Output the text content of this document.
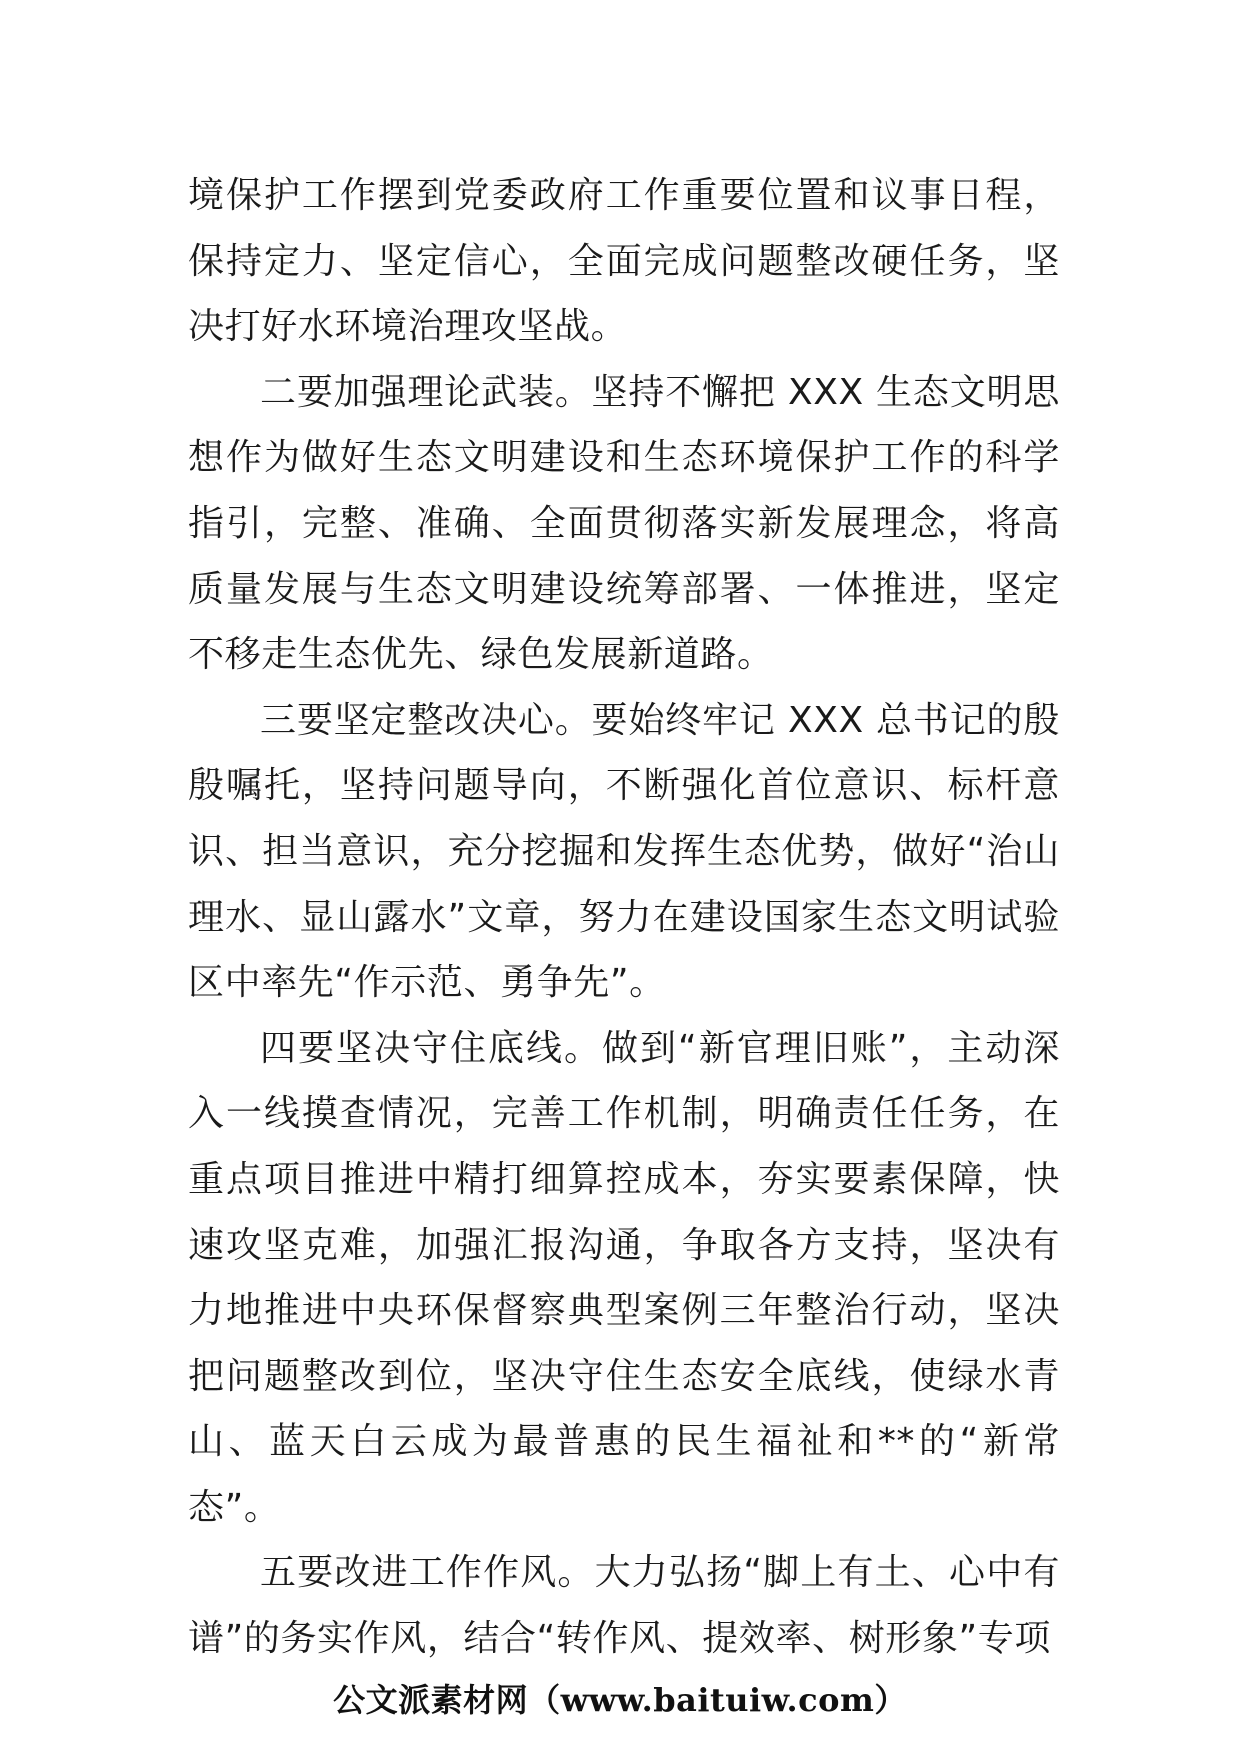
境保护工作摆到党委政府工作重要位置和议事日程，保持定力、坚定信心，全面完成问题整改硬任务，坚决打好水环境治理攻坚战。

二要加强理论武装。坚持不懈把 XXX 生态文明思想作为做好生态文明建设和生态环境保护工作的科学指引，完整、准确、全面贯彻落实新发展理念，将高质量发展与生态文明建设统筹部署、一体推进，坚定不移走生态优先、绿色发展新道路。

三要坚定整改决心。要始终牢记 XXX 总书记的殷殷嘱托，坚持问题导向，不断强化首位意识、标杆意识、担当意识，充分挖掘和发挥生态优势，做好“治山理水、显山露水”文章，努力在建设国家生态文明试验区中率先“作示范、勇争先”。

四要坚决守住底线。做到“新官理旧账”，主动深入一线摸查情况，完善工作机制，明确责任任务，在重点项目推进中精打细算控成本，夯实要素保障，快速攻坚克难，加强汇报沟通，争取各方支持，坚决有力地推进中央环保督察典型案例三年整治行动，坚决把问题整改到位，坚决守住生态安全底线，使绿水青山、蓝天白云成为最普惠的民生福祉和**的“新常态”。

五要改进工作作风。大力弘扬“脚上有土、心中有谱”的务实作风，结合“转作风、提效率、树形象”专项

公文派素材网（www.baituiw.com）
